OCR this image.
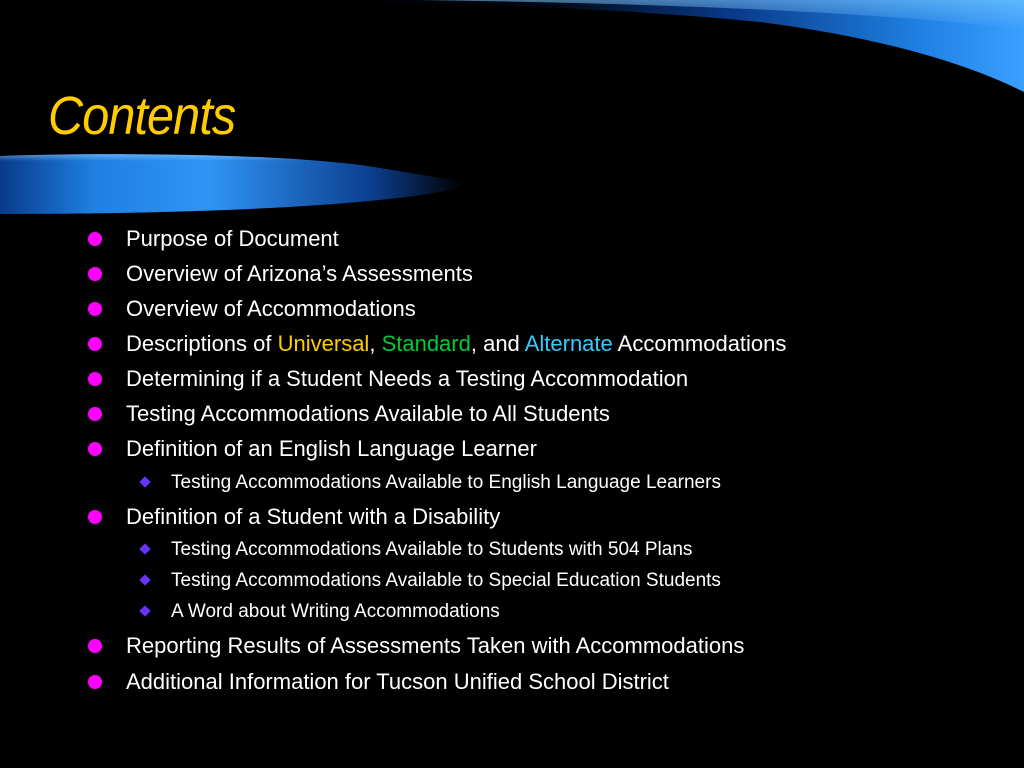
Contents
Purpose of Document
Overview of Arizona’s Assessments
Overview of Accommodations
Descriptions of Universal, Standard, and Alternate Accommodations
Determining if a Student Needs a Testing Accommodation
Testing Accommodations Available to All Students
Definition of an English Language Learner
Testing Accommodations Available to English Language Learners
Definition of a Student with a Disability
Testing Accommodations Available to Students with 504 Plans
Testing Accommodations Available to Special Education Students
A Word about Writing Accommodations
Reporting Results of Assessments Taken with Accommodations
Additional Information for Tucson Unified School District
